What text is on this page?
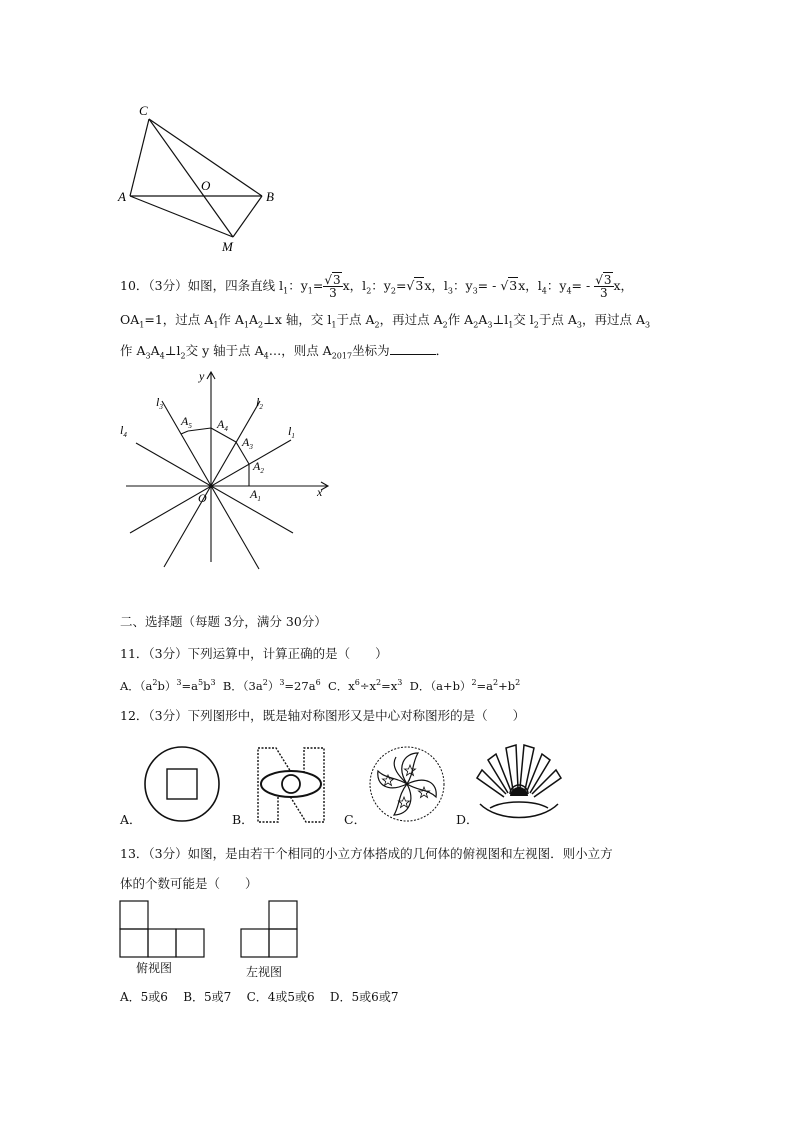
C
A
O
B
M
10．（3分）如图，四条直线 $l_1$：$y_1= \frac{√3}{3}$ x，$l_2$：$y_2=√3x$，$l_3$：$y_3= - √3x$，$l_4$：$y_4= - \frac{√3}{3}$ x，
$OA_1=1$，过点 $A_1$作 $A_1A_2\perp x$ 轴，交 $l_1$于点 $A_2$，再过点 $A_2$作 $A_2A_3\perp l_1$交 $l_2$于点 $A_3$，再过点 $A_3$
作 $A_3A_4\perp l_2$交 y 轴于点 $A_4\dots$，则点 $A_{2017}$坐标为	．
x
y
O
$l_1$
$l_2$
$l_3$
$l_4$
$A_1$
$A_2$
$A_3$
$A_4$
$A_5$
二、选择题（每题 3分，满分 30分）
11．（3分）下列运算中，计算正确的是（　　）
A．$(a^2b)^3=a^5b^3$ B．$(3a^2)^3=27a^6$ C．$x^6\div x^2=x^3$ D．$(a+b)^2=a^2+b^2$
12．（3分）下列图形中，既是轴对称图形又是中心对称图形的是（　　）
A．	B．	C．	D．
13．（3分）如图，是由若干个相同的小立方体搭成的几何体的俯视图和左视图．则小立方
体的个数可能是（　　）
俯视图	左视图
A．5或6 B．5或7 C．4或5或6 D．5或6或7
